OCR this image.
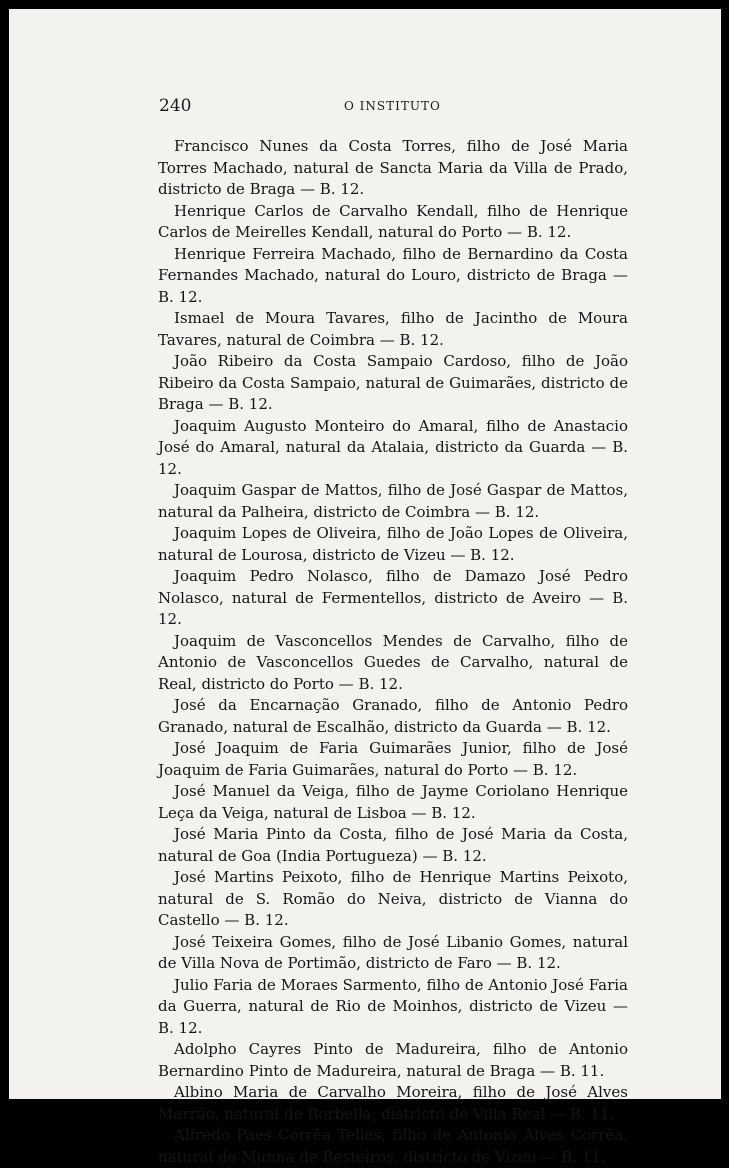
240	O INSTITUTO

Francisco Nunes da Costa Torres, filho de José Maria Torres Machado, natural de Sancta Maria da Villa de Prado, districto de Braga — B. 12.

Henrique Carlos de Carvalho Kendall, filho de Henrique Carlos de Meirelles Kendall, natural do Porto — B. 12.

Henrique Ferreira Machado, filho de Bernardino da Costa Fernandes Machado, natural do Louro, districto de Braga — B. 12.

Ismael de Moura Tavares, filho de Jacintho de Moura Tavares, natural de Coimbra — B. 12.

João Ribeiro da Costa Sampaio Cardoso, filho de João Ribeiro da Costa Sampaio, natural de Guimarães, districto de Braga — B. 12.

Joaquim Augusto Monteiro do Amaral, filho de Anastacio José do Amaral, natural da Atalaia, districto da Guarda — B. 12.

Joaquim Gaspar de Mattos, filho de José Gaspar de Mattos, natural da Palheira, districto de Coimbra — B. 12.

Joaquim Lopes de Oliveira, filho de João Lopes de Oliveira, natural de Lourosa, districto de Vizeu — B. 12.

Joaquim Pedro Nolasco, filho de Damazo José Pedro Nolasco, natural de Fermentellos, districto de Aveiro — B. 12.

Joaquim de Vasconcellos Mendes de Carvalho, filho de Antonio de Vasconcellos Guedes de Carvalho, natural de Real, districto do Porto — B. 12.

José da Encarnação Granado, filho de Antonio Pedro Granado, natural de Escalhão, districto da Guarda — B. 12.

José Joaquim de Faria Guimarães Junior, filho de José Joaquim de Faria Guimarães, natural do Porto — B. 12.

José Manuel da Veiga, filho de Jayme Coriolano Henrique Leça da Veiga, natural de Lisboa — B. 12.

José Maria Pinto da Costa, filho de José Maria da Costa, natural de Goa (India Portugueza) — B. 12.

José Martins Peixoto, filho de Henrique Martins Peixoto, natural de S. Romão do Neiva, districto de Vianna do Castello — B. 12.

José Teixeira Gomes, filho de José Libanio Gomes, natural de Villa Nova de Portimão, districto de Faro — B. 12.

Julio Faria de Moraes Sarmento, filho de Antonio José Faria da Guerra, natural de Rio de Moinhos, districto de Vizeu — B. 12.

Adolpho Cayres Pinto de Madureira, filho de Antonio Bernardino Pinto de Madureira, natural de Braga — B. 11.

Albino Maria de Carvalho Moreira, filho de José Alves Marrão, natural de Borbella, districto de Villa Real — B. 11.

Alfredo Paes Corrêa Telles, filho de Antonio Alves Corrêa, natural de Munna de Besteiros, districto de Vizeu — B. 11.
